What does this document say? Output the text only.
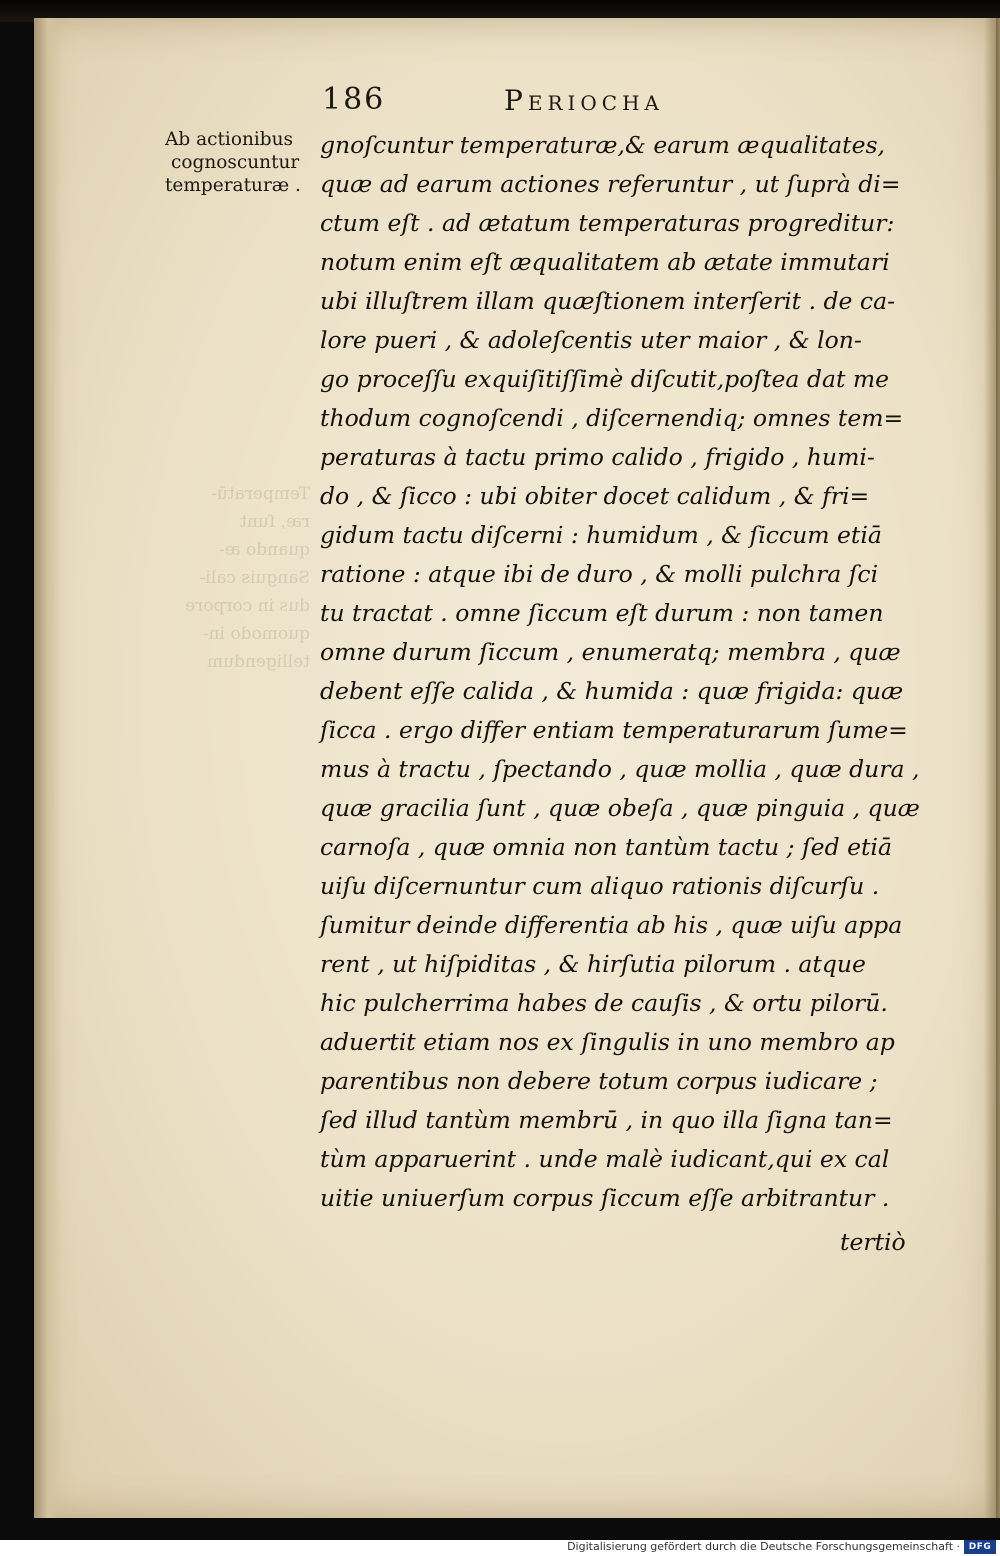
Temperatū-
ræ, ſunt
quando æ-
Sanguis cali-
dus in corpore
quomodo in-
telligendum
186	Periocha
Ab actionibus
cognoscuntur
temperaturæ .
gnoſcuntur temperaturæ,& earum æqualitates,
quæ ad earum actiones referuntur , ut ſuprà di=
ctum eſt . ad ætatum temperaturas progreditur:
notum enim eſt æqualitatem ab ætate immutari
ubi illuſtrem illam quæſtionem interſerit . de ca-
lore pueri , & adoleſcentis uter maior , & lon-
go proceſſu exquiſitiſſimè diſcutit,poſtea dat me
thodum cognoſcendi , diſcernendiq; omnes tem=
peraturas à tactu primo calido , frigido , humi-
do , & ſicco : ubi obiter docet calidum , & fri=
gidum tactu diſcerni : humidum , & ſiccum etiā
ratione : atque ibi de duro , & molli pulchra ſci
tu tractat . omne ſiccum eſt durum : non tamen
omne durum ſiccum , enumeratq; membra , quæ
debent eſſe calida , & humida : quæ frigida: quæ
ſicca . ergo differ entiam temperaturarum ſume=
mus à tractu , ſpectando , quæ mollia , quæ dura ,
quæ gracilia ſunt , quæ obeſa , quæ pinguia , quæ
carnoſa , quæ omnia non tantùm tactu ; ſed etiā
uiſu diſcernuntur cum aliquo rationis diſcurſu .
ſumitur deinde differentia ab his , quæ uiſu appa
rent , ut hiſpiditas , & hirſutia pilorum . atque
hic pulcherrima habes de cauſis , & ortu pilorū.
aduertit etiam nos ex ſingulis in uno membro ap
parentibus non debere totum corpus iudicare ;
ſed illud tantùm membrū , in quo illa ſigna tan=
tùm apparuerint . unde malè iudicant,qui ex cal
uitie uniuerſum corpus ſiccum eſſe arbitrantur .
tertiò
Digitalisierung gefördert durch die Deutsche Forschungsgemeinschaft · DFG
